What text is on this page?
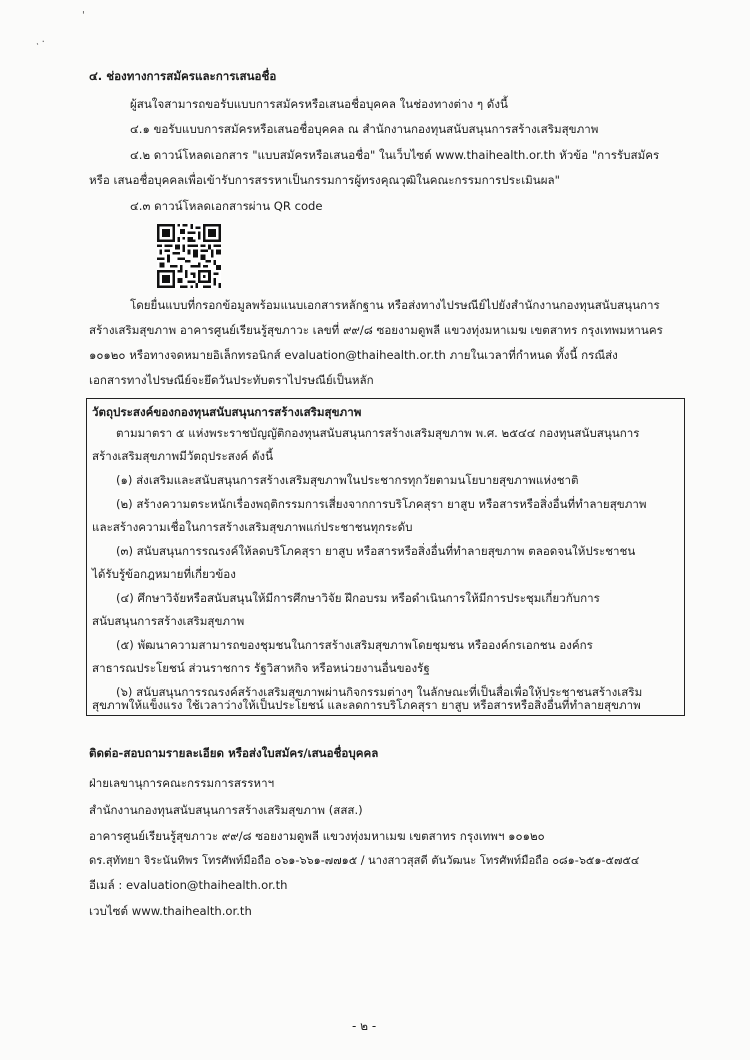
'
· ·
๔. ช่องทางการสมัครและการเสนอชื่อ
ผู้สนใจสามารถขอรับแบบการสมัครหรือเสนอชื่อบุคคล ในช่องทางต่าง ๆ ดังนี้
๔.๑ ขอรับแบบการสมัครหรือเสนอชื่อบุคคล ณ สำนักงานกองทุนสนับสนุนการสร้างเสริมสุขภาพ
๔.๒ ดาวน์โหลดเอกสาร "แบบสมัครหรือเสนอชื่อ" ในเว็บไซต์ www.thaihealth.or.th หัวข้อ "การรับสมัคร
หรือ เสนอชื่อบุคคลเพื่อเข้ารับการสรรหาเป็นกรรมการผู้ทรงคุณวุฒิในคณะกรรมการประเมินผล"
๔.๓ ดาวน์โหลดเอกสารผ่าน QR code
โดยยื่นแบบที่กรอกข้อมูลพร้อมแนบเอกสารหลักฐาน หรือส่งทางไปรษณีย์ไปยังสำนักงานกองทุนสนับสนุนการ
สร้างเสริมสุขภาพ อาคารศูนย์เรียนรู้สุขภาวะ เลขที่ ๙๙/๘ ซอยงามดูพลี แขวงทุ่งมหาเมฆ เขตสาทร กรุงเทพมหานคร
๑๐๑๒๐ หรือทางจดหมายอิเล็กทรอนิกส์ evaluation@thaihealth.or.th ภายในเวลาที่กำหนด ทั้งนี้ กรณีส่ง
เอกสารทางไปรษณีย์จะยึดวันประทับตราไปรษณีย์เป็นหลัก
วัตถุประสงค์ของกองทุนสนับสนุนการสร้างเสริมสุขภาพ
ตามมาตรา ๕ แห่งพระราชบัญญัติกองทุนสนับสนุนการสร้างเสริมสุขภาพ พ.ศ. ๒๕๔๔ กองทุนสนับสนุนการ
สร้างเสริมสุขภาพมีวัตถุประสงค์ ดังนี้
(๑) ส่งเสริมและสนับสนุนการสร้างเสริมสุขภาพในประชากรทุกวัยตามนโยบายสุขภาพแห่งชาติ
(๒) สร้างความตระหนักเรื่องพฤติกรรมการเสี่ยงจากการบริโภคสุรา ยาสูบ หรือสารหรือสิ่งอื่นที่ทำลายสุขภาพ
และสร้างความเชื่อในการสร้างเสริมสุขภาพแก่ประชาชนทุกระดับ
(๓) สนับสนุนการรณรงค์ให้ลดบริโภคสุรา ยาสูบ หรือสารหรือสิ่งอื่นที่ทำลายสุขภาพ ตลอดจนให้ประชาชน
ได้รับรู้ข้อกฎหมายที่เกี่ยวข้อง
(๔) ศึกษาวิจัยหรือสนับสนุนให้มีการศึกษาวิจัย ฝึกอบรม หรือดำเนินการให้มีการประชุมเกี่ยวกับการ
สนับสนุนการสร้างเสริมสุขภาพ
(๕) พัฒนาความสามารถของชุมชนในการสร้างเสริมสุขภาพโดยชุมชน หรือองค์กรเอกชน องค์กร
สาธารณประโยชน์ ส่วนราชการ รัฐวิสาหกิจ หรือหน่วยงานอื่นของรัฐ
(๖) สนับสนุนการรณรงค์สร้างเสริมสุขภาพผ่านกิจกรรมต่างๆ ในลักษณะที่เป็นสื่อเพื่อให้ประชาชนสร้างเสริม
สุขภาพให้แข็งแรง ใช้เวลาว่างให้เป็นประโยชน์ และลดการบริโภคสุรา ยาสูบ หรือสารหรือสิ่งอื่นที่ทำลายสุขภาพ
ติดต่อ-สอบถามรายละเอียด หรือส่งใบสมัคร/เสนอชื่อบุคคล
ฝ่ายเลขานุการคณะกรรมการสรรหาฯ
สำนักงานกองทุนสนับสนุนการสร้างเสริมสุขภาพ (สสส.)
อาคารศูนย์เรียนรู้สุขภาวะ ๙๙/๘ ซอยงามดูพลี แขวงทุ่งมหาเมฆ เขตสาทร กรุงเทพฯ ๑๐๑๒๐
ดร.สุทัทยา จิระนันทิพร โทรศัพท์มือถือ ๐๖๑-๖๖๑-๗๗๑๕ / นางสาวสุสดี ตันวัฒนะ โทรศัพท์มือถือ ๐๘๑-๖๕๑-๕๗๕๔
อีเมล์ : evaluation@thaihealth.or.th
เวบไซต์ www.thaihealth.or.th
- ๒ -
